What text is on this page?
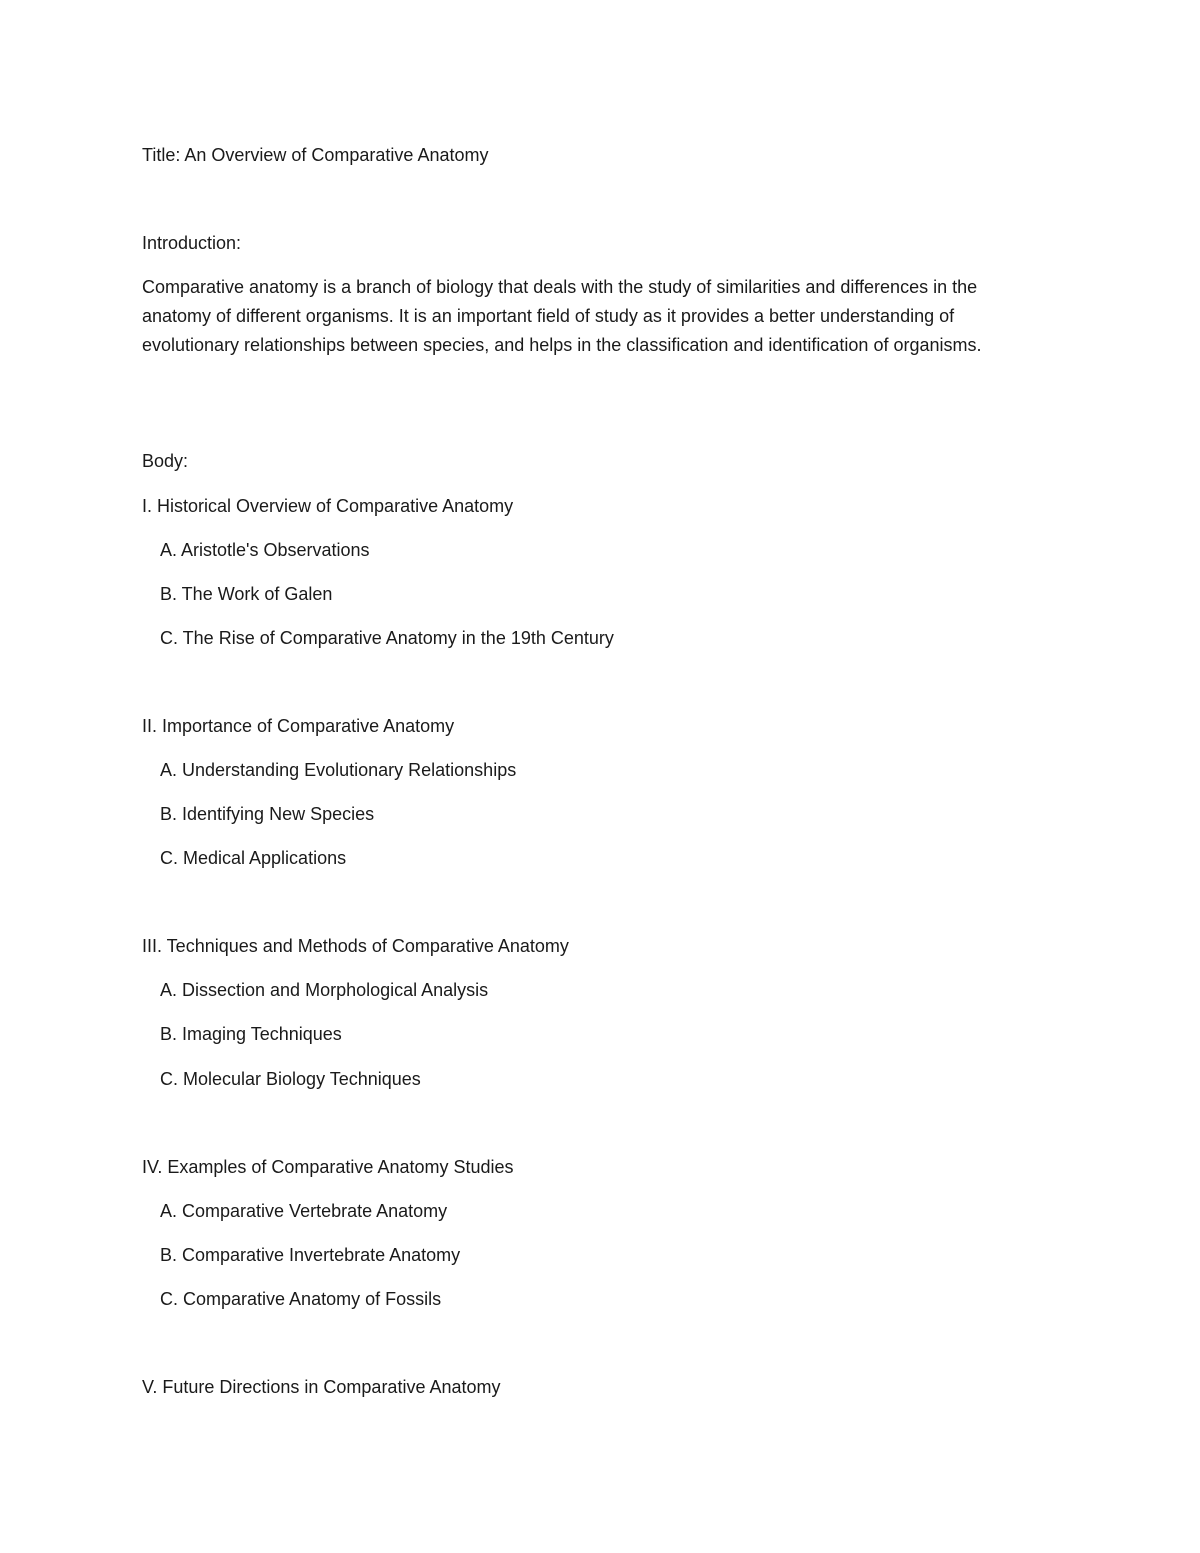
Title: An Overview of Comparative Anatomy
Introduction:
Comparative anatomy is a branch of biology that deals with the study of similarities and differences in the anatomy of different organisms. It is an important field of study as it provides a better understanding of evolutionary relationships between species, and helps in the classification and identification of organisms.
Body:
I. Historical Overview of Comparative Anatomy
A. Aristotle's Observations
B. The Work of Galen
C. The Rise of Comparative Anatomy in the 19th Century
II. Importance of Comparative Anatomy
A. Understanding Evolutionary Relationships
B. Identifying New Species
C. Medical Applications
III. Techniques and Methods of Comparative Anatomy
A. Dissection and Morphological Analysis
B. Imaging Techniques
C. Molecular Biology Techniques
IV. Examples of Comparative Anatomy Studies
A. Comparative Vertebrate Anatomy
B. Comparative Invertebrate Anatomy
C. Comparative Anatomy of Fossils
V. Future Directions in Comparative Anatomy
